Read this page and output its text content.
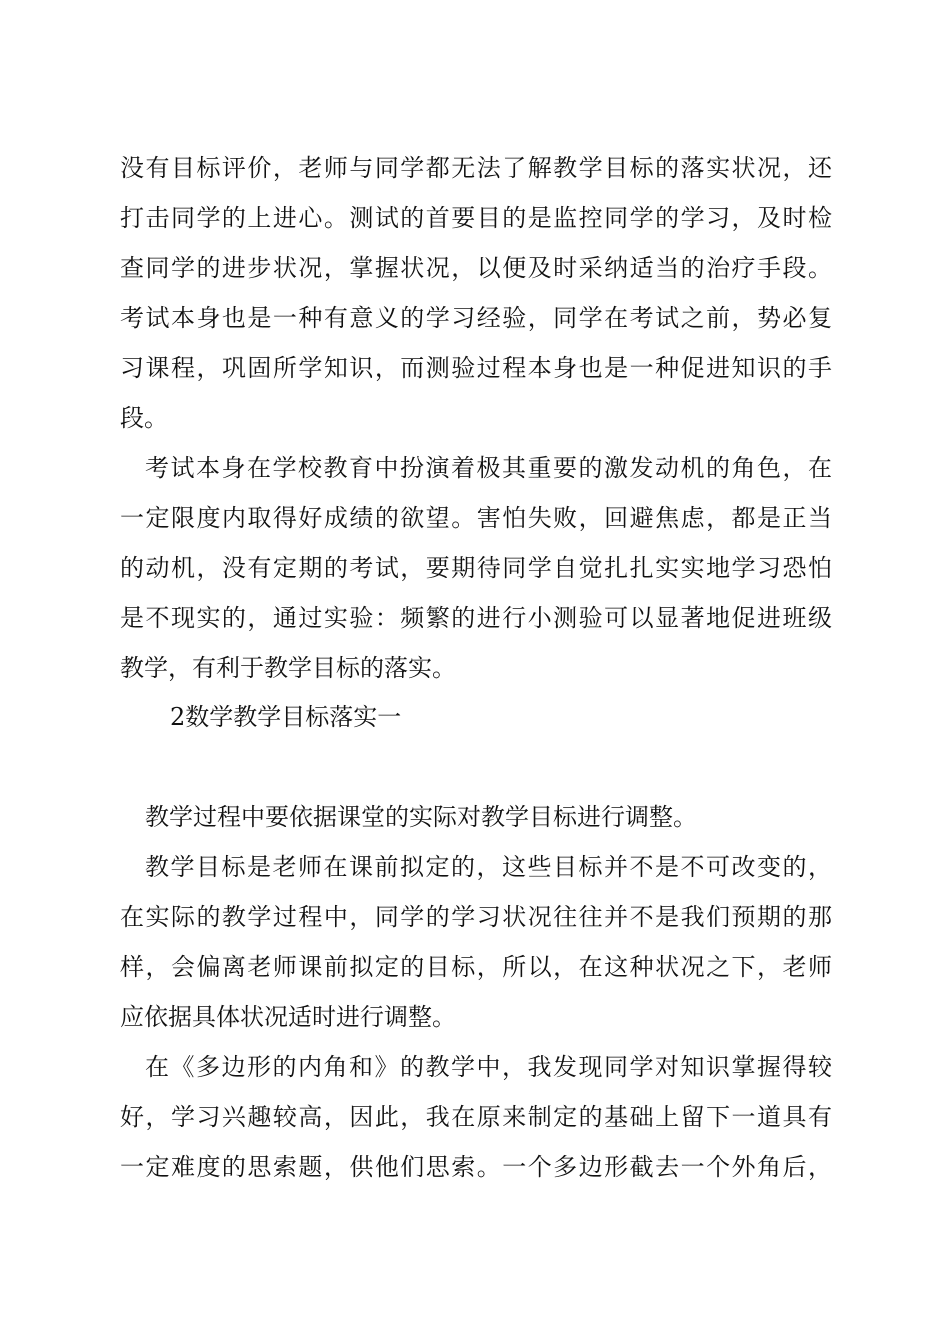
没有目标评价，老师与同学都无法了解教学目标的落实状况，还
打击同学的上进心。测试的首要目的是监控同学的学习，及时检
查同学的进步状况，掌握状况，以便及时采纳适当的治疗手段。
考试本身也是一种有意义的学习经验，同学在考试之前，势必复
习课程，巩固所学知识，而测验过程本身也是一种促进知识的手
段。
考试本身在学校教育中扮演着极其重要的激发动机的角色，在
一定限度内取得好成绩的欲望。害怕失败，回避焦虑，都是正当
的动机，没有定期的考试，要期待同学自觉扎扎实实地学习恐怕
是不现实的，通过实验：频繁的进行小测验可以显著地促进班级
教学，有利于教学目标的落实。
2数学教学目标落实一
教学过程中要依据课堂的实际对教学目标进行调整。
教学目标是老师在课前拟定的，这些目标并不是不可改变的，
在实际的教学过程中，同学的学习状况往往并不是我们预期的那
样，会偏离老师课前拟定的目标，所以，在这种状况之下，老师
应依据具体状况适时进行调整。
在《多边形的内角和》的教学中，我发现同学对知识掌握得较
好，学习兴趣较高，因此，我在原来制定的基础上留下一道具有
一定难度的思索题，供他们思索。一个多边形截去一个外角后，
